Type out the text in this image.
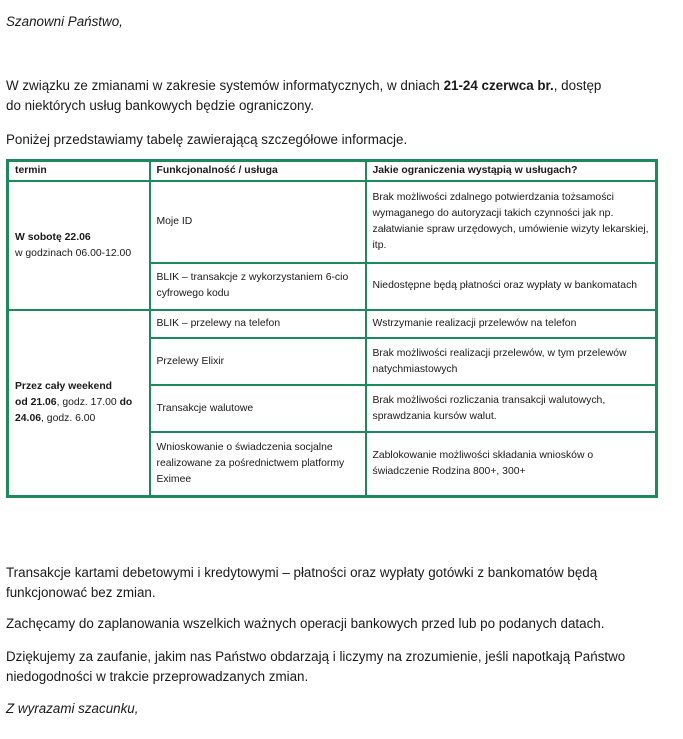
Szanowni Państwo,

W związku ze zmianami w zakresie systemów informatycznych, w dniach 21-24 czerwca br., dostęp
do niektórych usług bankowych będzie ograniczony.

Poniżej przedstawiamy tabelę zawierającą szczegółowe informacje.

termin	Funkcjonalność / usługa	Jakie ograniczenia wystąpią w usługach?
W sobotę 22.06
w godzinach 06.00-12.00	Moje ID	Brak możliwości zdalnego potwierdzania tożsamości wymaganego do autoryzacji takich czynności jak np. załatwianie spraw urzędowych, umówienie wizyty lekarskiej, itp.
	BLIK – transakcje z wykorzystaniem 6-cio cyfrowego kodu	Niedostępne będą płatności oraz wypłaty w bankomatach
Przez cały weekend
od 21.06, godz. 17.00 do
24.06, godz. 6.00	BLIK – przelewy na telefon	Wstrzymanie realizacji przelewów na telefon
	Przelewy Elixir	Brak możliwości realizacji przelewów, w tym przelewów natychmiastowych
	Transakcje walutowe	Brak możliwości rozliczania transakcji walutowych, sprawdzania kursów walut.
	Wnioskowanie o świadczenia socjalne realizowane za pośrednictwem platformy Eximee	Zablokowanie możliwości składania wniosków o świadczenie Rodzina 800+, 300+

Transakcje kartami debetowymi i kredytowymi – płatności oraz wypłaty gotówki z bankomatów będą funkcjonować bez zmian.

Zachęcamy do zaplanowania wszelkich ważnych operacji bankowych przed lub po podanych datach.

Dziękujemy za zaufanie, jakim nas Państwo obdarzają i liczymy na zrozumienie, jeśli napotkają Państwo niedogodności w trakcie przeprowadzanych zmian.

Z wyrazami szacunku,
